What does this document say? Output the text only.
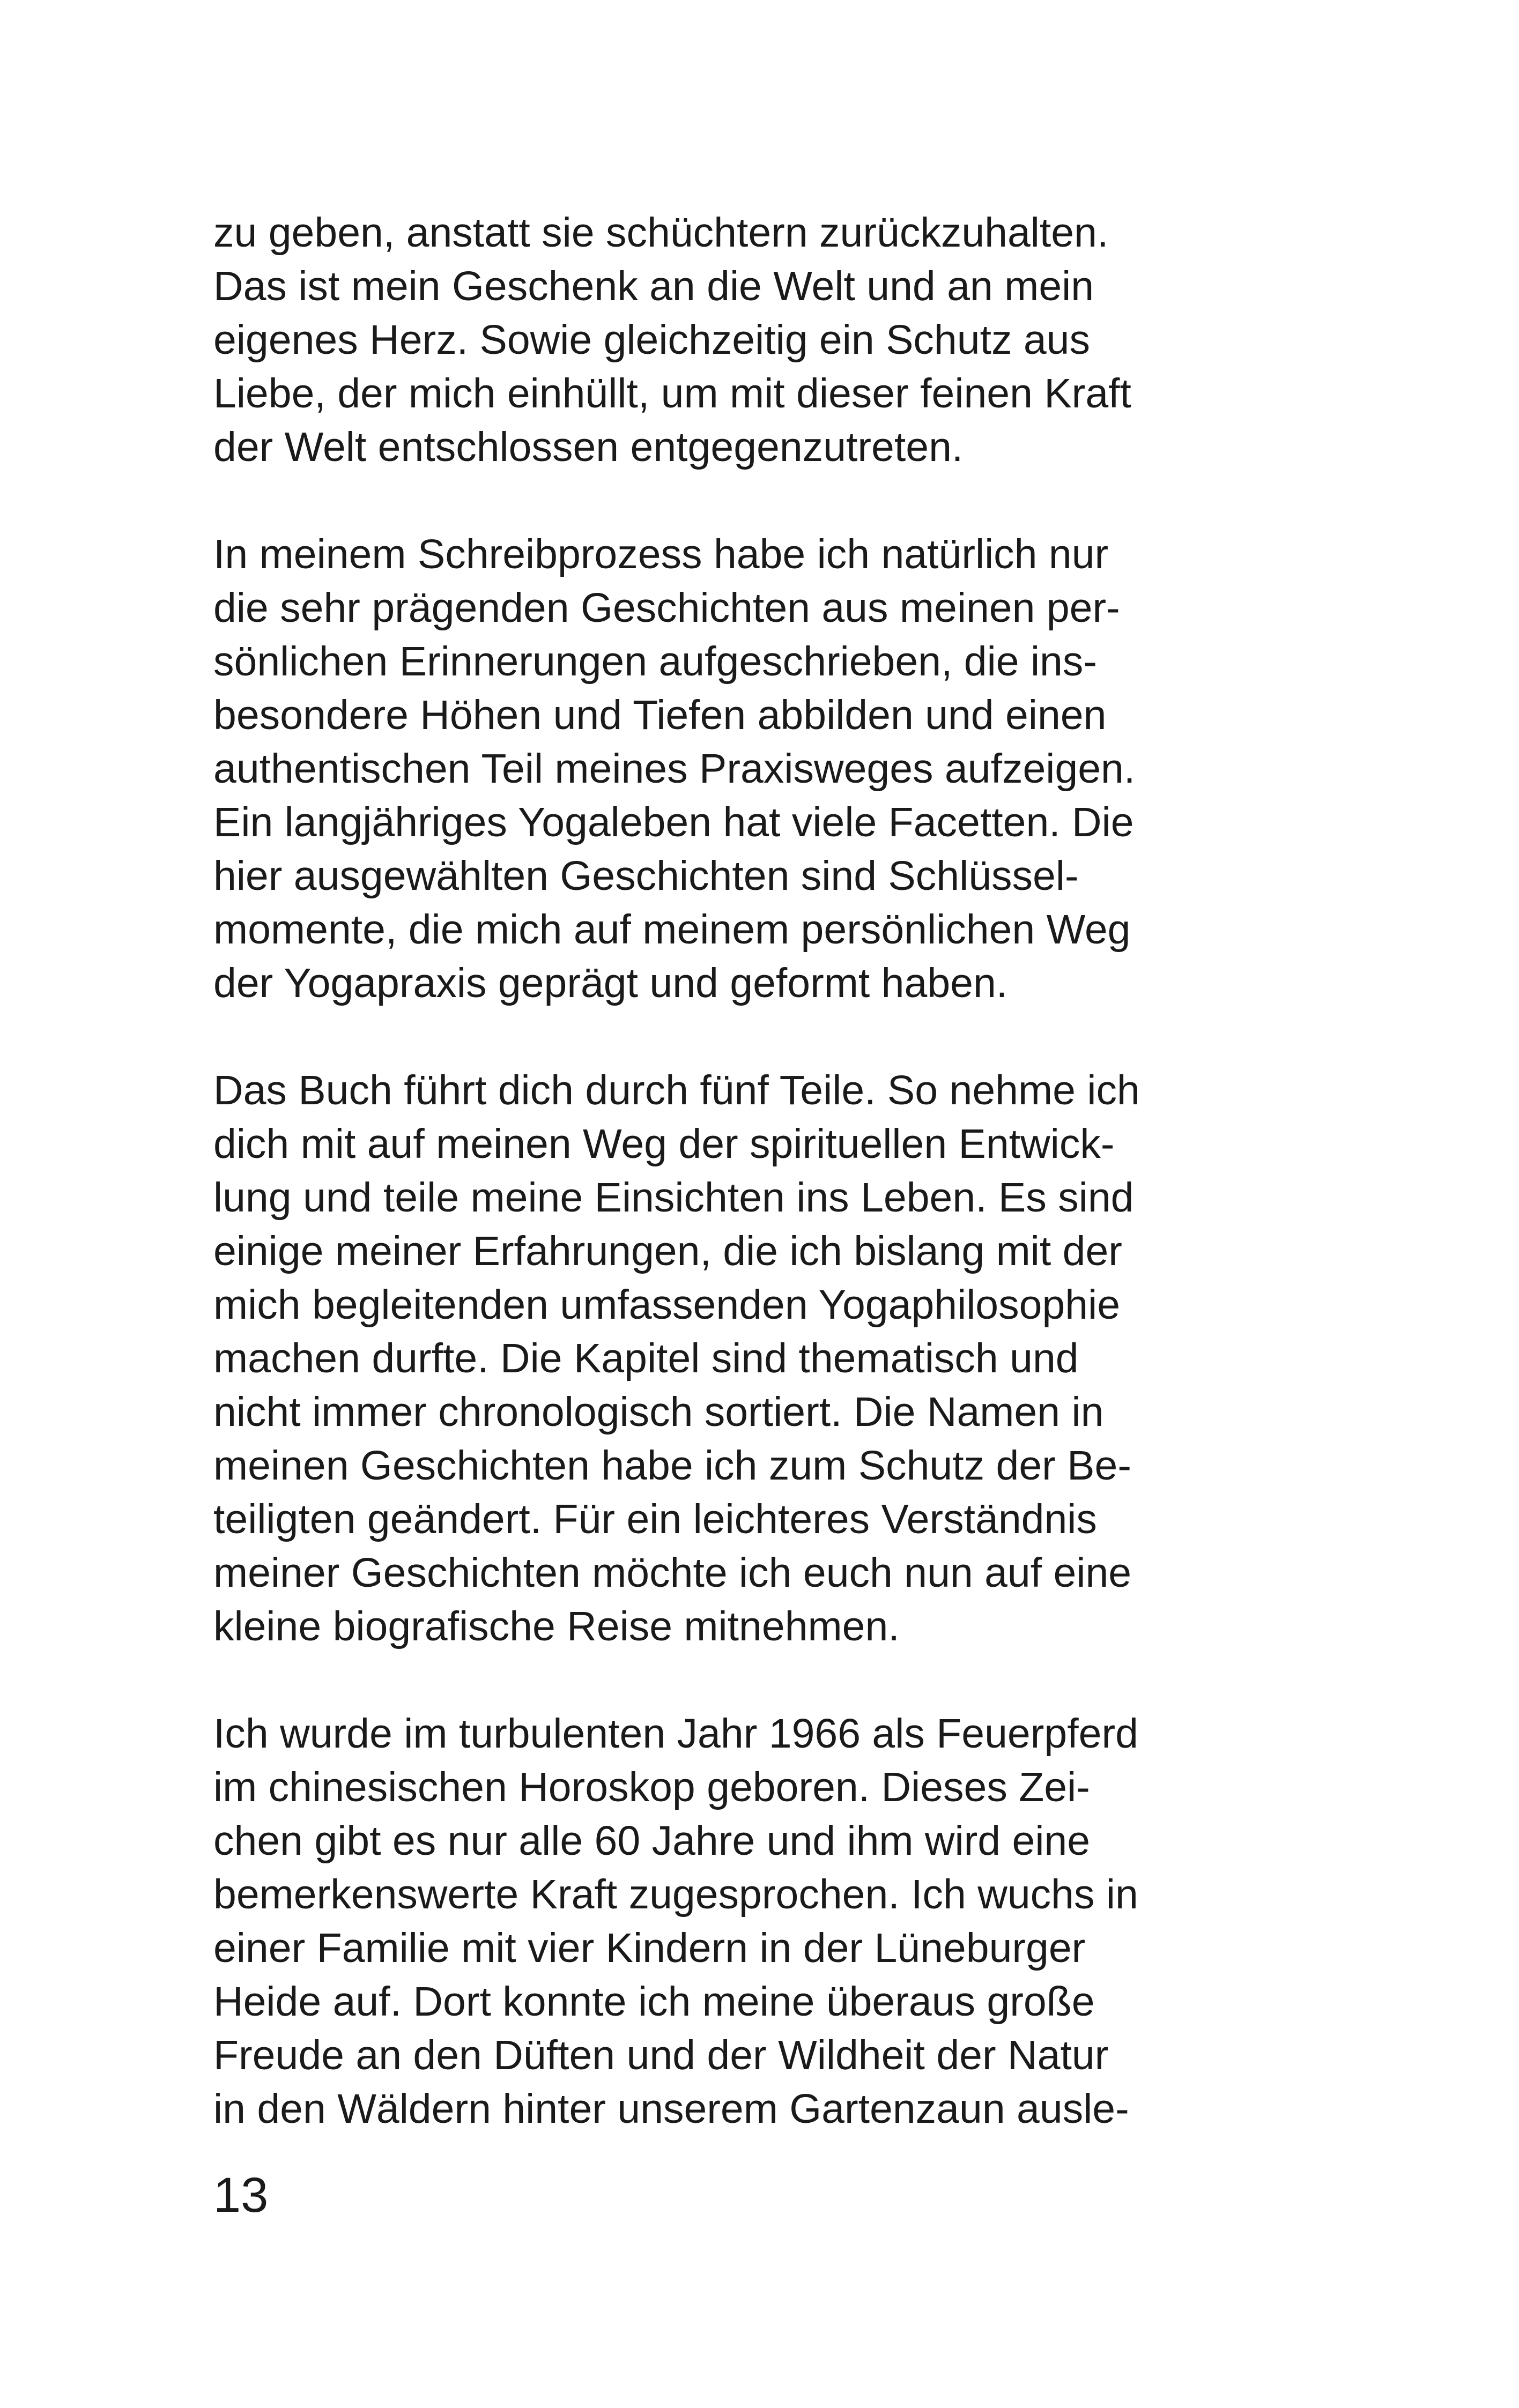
zu geben, anstatt sie schüchtern zurückzuhalten.
Das ist mein Geschenk an die Welt und an mein
eigenes Herz. Sowie gleichzeitig ein Schutz aus
Liebe, der mich einhüllt, um mit dieser feinen Kraft
der Welt entschlossen entgegenzutreten.

In meinem Schreibprozess habe ich natürlich nur
die sehr prägenden Geschichten aus meinen per-
sönlichen Erinnerungen aufgeschrieben, die ins-
besondere Höhen und Tiefen abbilden und einen
authentischen Teil meines Praxisweges aufzeigen.
Ein langjähriges Yogaleben hat viele Facetten. Die
hier ausgewählten Geschichten sind Schlüssel-
momente, die mich auf meinem persönlichen Weg
der Yogapraxis geprägt und geformt haben.

Das Buch führt dich durch fünf Teile. So nehme ich
dich mit auf meinen Weg der spirituellen Entwick-
lung und teile meine Einsichten ins Leben. Es sind
einige meiner Erfahrungen, die ich bislang mit der
mich begleitenden umfassenden Yogaphilosophie
machen durfte. Die Kapitel sind thematisch und
nicht immer chronologisch sortiert. Die Namen in
meinen Geschichten habe ich zum Schutz der Be-
teiligten geändert. Für ein leichteres Verständnis
meiner Geschichten möchte ich euch nun auf eine
kleine biografische Reise mitnehmen.

Ich wurde im turbulenten Jahr 1966 als Feuerpferd
im chinesischen Horoskop geboren. Dieses Zei-
chen gibt es nur alle 60 Jahre und ihm wird eine
bemerkenswerte Kraft zugesprochen. Ich wuchs in
einer Familie mit vier Kindern in der Lüneburger
Heide auf. Dort konnte ich meine überaus große
Freude an den Düften und der Wildheit der Natur
in den Wäldern hinter unserem Gartenzaun ausle-

13
